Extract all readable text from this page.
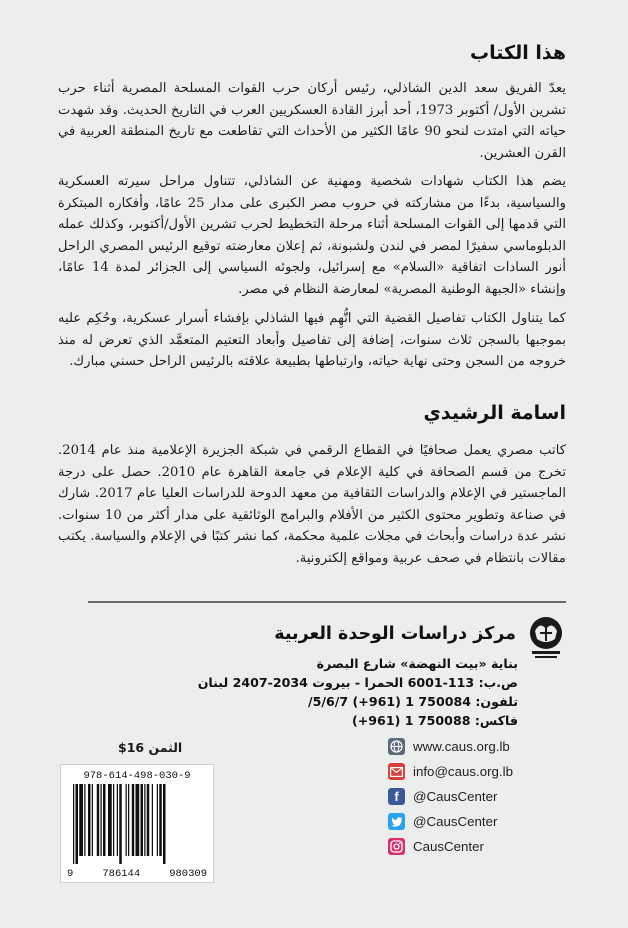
هذا الكتاب
يعدّ الفريق سعد الدين الشاذلي، رئيس أركان حرب القوات المسلحة المصرية أثناء حرب تشرين الأول/ أكتوبر 1973، أحد أبرز القادة العسكريين العرب في التاريخ الحديث. وقد شهدت حياته التي امتدت لنحو 90 عامًا الكثير من الأحداث التي تقاطعت مع تاريخ المنطقة العربية في القرن العشرين.
يضم هذا الكتاب شهادات شخصية ومهنية عن الشاذلي، تتناول مراحل سيرته العسكرية والسياسية، بدءًا من مشاركته في حروب مصر الكبرى على مدار 25 عامًا، وأفكاره المبتكرة التي قدمها إلى القوات المسلحة أثناء مرحلة التخطيط لحرب تشرين الأول/أكتوبر، وكذلك عمله الدبلوماسي سفيرًا لمصر في لندن ولشبونة، ثم إعلان معارضته توقيع الرئيس المصري الراحل أنور السادات اتفاقية «السلام» مع إسرائيل، ولجوئه السياسي إلى الجزائر لمدة 14 عامًا، وإنشاء «الجبهة الوطنية المصرية» لمعارضة النظام في مصر.
كما يتناول الكتاب تفاصيل القضية التي اتُّهِم فيها الشاذلي بإفشاء أسرار عسكرية، وحُكِم عليه بموجبها بالسجن ثلاث سنوات، إضافة إلى تفاصيل وأبعاد التعتيم المتعمَّد الذي تعرض له منذ خروجه من السجن وحتى نهاية حياته، وارتباطها بطبيعة علاقته بالرئيس الراحل حسني مبارك.
اسامة الرشيدي
كاتب مصري يعمل صحافيًا في القطاع الرقمي في شبكة الجزيرة الإعلامية منذ عام 2014. تخرج من قسم الصحافة في كلية الإعلام في جامعة القاهرة عام 2010. حصل على درجة الماجستير في الإعلام والدراسات الثقافية من معهد الدوحة للدراسات العليا عام 2017. شارك في صناعة وتطوير محتوى الكثير من الأفلام والبرامج الوثائقية على مدار أكثر من 10 سنوات. نشر عدة دراسات وأبحاث في مجلات علمية محكمة، كما نشر كتبًا في الإعلام والسياسة. يكتب مقالات بانتظام في صحف عربية ومواقع إلكترونية.
مركز دراسات الوحدة العربية
بناية «بيت النهضة» شارع البصرة
ص.ب: 113-6001 الحمرا - بيروت 2034-2407 لبنان
تلفون: 750084 1 (961+) 5/6/7/
فاكس: 750088 1 (961+)
الثمن 16$
978-614-498-030-9
9	786144	980309
www.caus.org.lb
info@caus.org.lb
f	@CausCenter
@CausCenter
CausCenter
